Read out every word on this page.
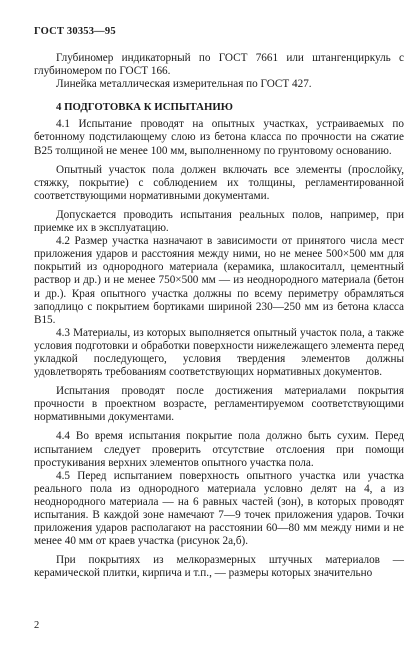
ГОСТ 30353—95

Глубиномер индикаторный по ГОСТ 7661 или штангенциркуль с глубиномером по ГОСТ 166.

Линейка металлическая измерительная по ГОСТ 427.

4 ПОДГОТОВКА К ИСПЫТАНИЮ

4.1 Испытание проводят на опытных участках, устраиваемых по бетонному подстилающему слою из бетона класса по прочности на сжатие B25 толщиной не менее 100 мм, выполненному по грунтовому основанию.

Опытный участок пола должен включать все элементы (прослойку, стяжку, покрытие) с соблюдением их толщины, регламентированной соответствующими нормативными документами.

Допускается проводить испытания реальных полов, например, при приемке их в эксплуатацию.

4.2 Размер участка назначают в зависимости от принятого числа мест приложения ударов и расстояния между ними, но не менее 500×500 мм для покрытий из однородного материала (керамика, шлакоситалл, цементный раствор и др.) и не менее 750×500 мм — из неоднородного материала (бетон и др.). Края опытного участка должны по всему периметру обрамляться заподлицо с покрытием бортиками шириной 230—250 мм из бетона класса B15.

4.3 Материалы, из которых выполняется опытный участок пола, а также условия подготовки и обработки поверхности нижележащего элемента перед укладкой последующего, условия твердения элементов должны удовлетворять требованиям соответствующих нормативных документов.

Испытания проводят после достижения материалами покрытия прочности в проектном возрасте, регламентируемом соответствующими нормативными документами.

4.4 Во время испытания покрытие пола должно быть сухим. Перед испытанием следует проверить отсутствие отслоения при помощи простукивания верхних элементов опытного участка пола.

4.5 Перед испытанием поверхность опытного участка или участка реального пола из однородного материала условно делят на 4, а из неоднородного материала — на 6 равных частей (зон), в которых проводят испытания. В каждой зоне намечают 7—9 точек приложения ударов. Точки приложения ударов располагают на расстоянии 60—80 мм между ними и не менее 40 мм от краев участка (рисунок 2а,б).

При покрытиях из мелкоразмерных штучных материалов — керамической плитки, кирпича и т.п., — размеры которых значительно

2
